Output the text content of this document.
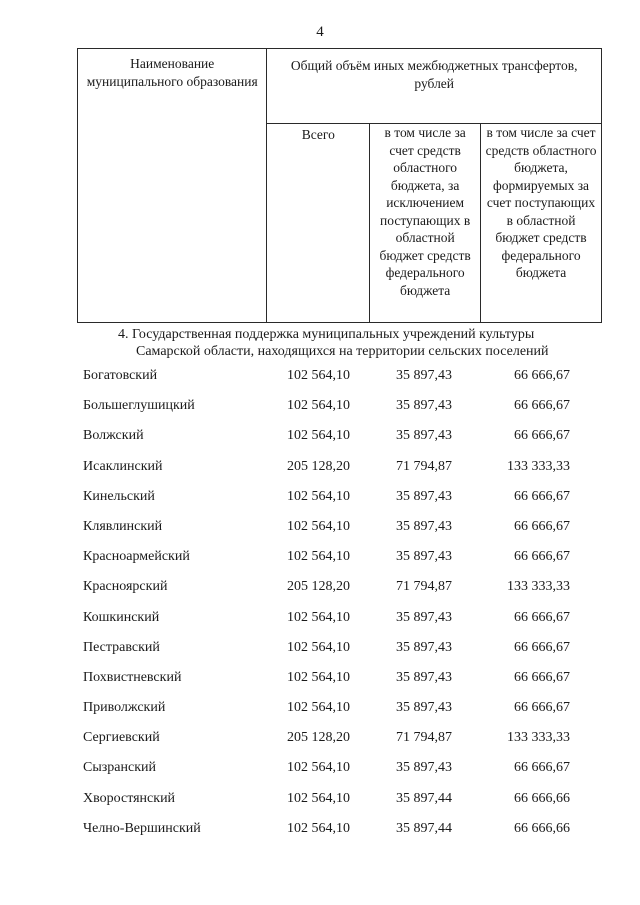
4
Наименование муниципального образования	Общий объём иных межбюджетных трансфертов, рублей		
	Всего	в том числе за счет средств областного бюджета, за исключением поступающих в областной бюджет средств федерального бюджета	в том числе за счет средств областного бюджета, формируемых за счет поступающих в областной бюджет средств федерального бюджета
4. Государственная поддержка муниципальных учреждений культуры
Самарской области, находящихся на территории сельских поселений
Богатовский	102 564,10	35 897,43	66 666,67
Большеглушицкий	102 564,10	35 897,43	66 666,67
Волжский	102 564,10	35 897,43	66 666,67
Исаклинский	205 128,20	71 794,87	133 333,33
Кинельский	102 564,10	35 897,43	66 666,67
Клявлинский	102 564,10	35 897,43	66 666,67
Красноармейский	102 564,10	35 897,43	66 666,67
Красноярский	205 128,20	71 794,87	133 333,33
Кошкинский	102 564,10	35 897,43	66 666,67
Пестравский	102 564,10	35 897,43	66 666,67
Похвистневский	102 564,10	35 897,43	66 666,67
Приволжский	102 564,10	35 897,43	66 666,67
Сергиевский	205 128,20	71 794,87	133 333,33
Сызранский	102 564,10	35 897,43	66 666,67
Хворостянский	102 564,10	35 897,44	66 666,66
Челно-Вершинский	102 564,10	35 897,44	66 666,66
